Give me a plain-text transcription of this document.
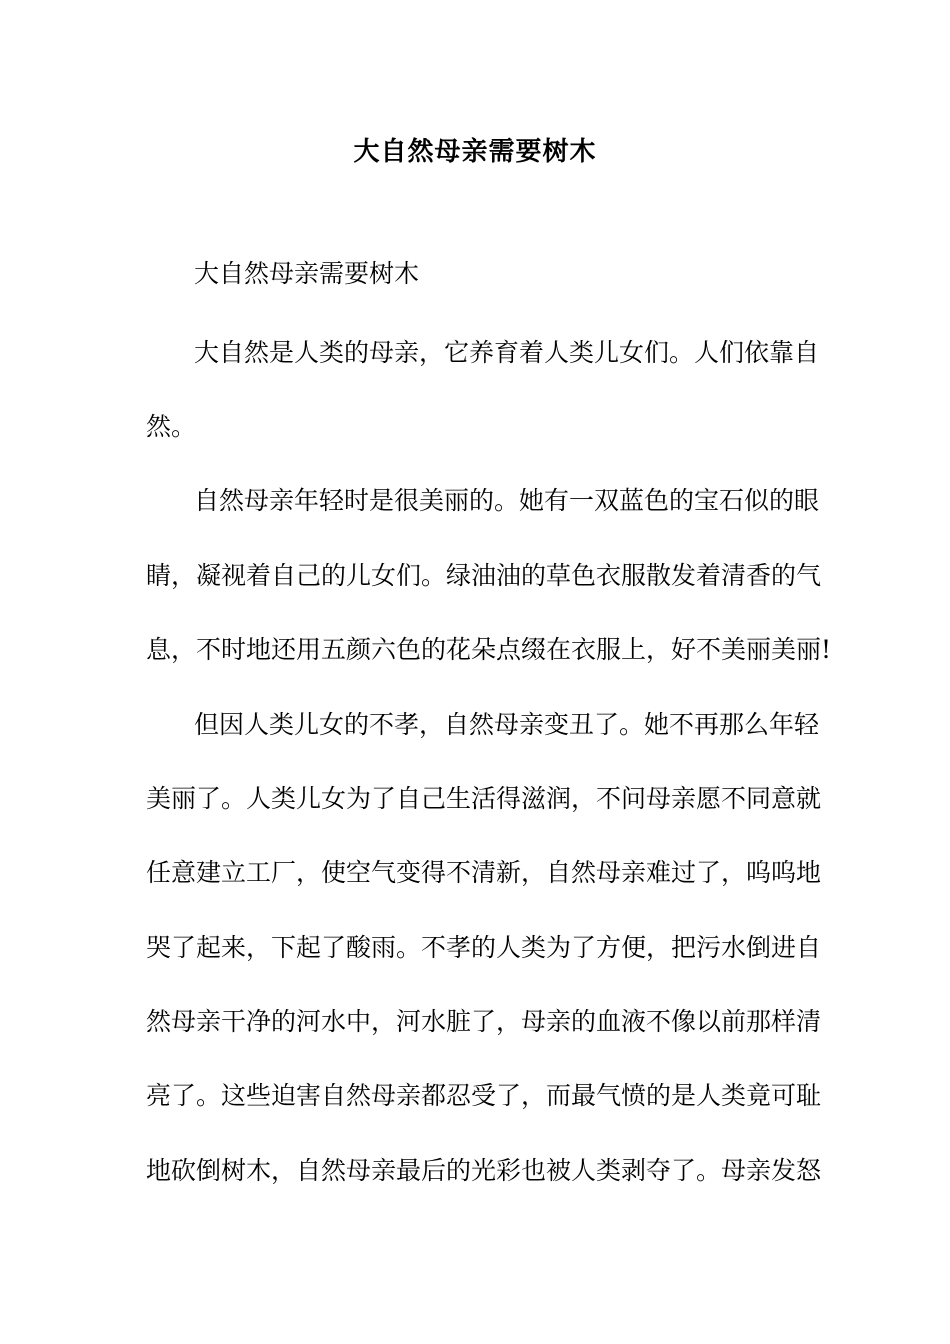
大自然母亲需要树木
大自然母亲需要树木
大自然是人类的母亲，它养育着人类儿女们。人们依靠自
然。
自然母亲年轻时是很美丽的。她有一双蓝色的宝石似的眼
睛，凝视着自己的儿女们。绿油油的草色衣服散发着清香的气
息，不时地还用五颜六色的花朵点缀在衣服上，好不美丽美丽!
但因人类儿女的不孝，自然母亲变丑了。她不再那么年轻
美丽了。人类儿女为了自己生活得滋润，不问母亲愿不同意就
任意建立工厂，使空气变得不清新，自然母亲难过了，呜呜地
哭了起来，下起了酸雨。不孝的人类为了方便，把污水倒进自
然母亲干净的河水中，河水脏了，母亲的血液不像以前那样清
亮了。这些迫害自然母亲都忍受了，而最气愤的是人类竟可耻
地砍倒树木，自然母亲最后的光彩也被人类剥夺了。母亲发怒
